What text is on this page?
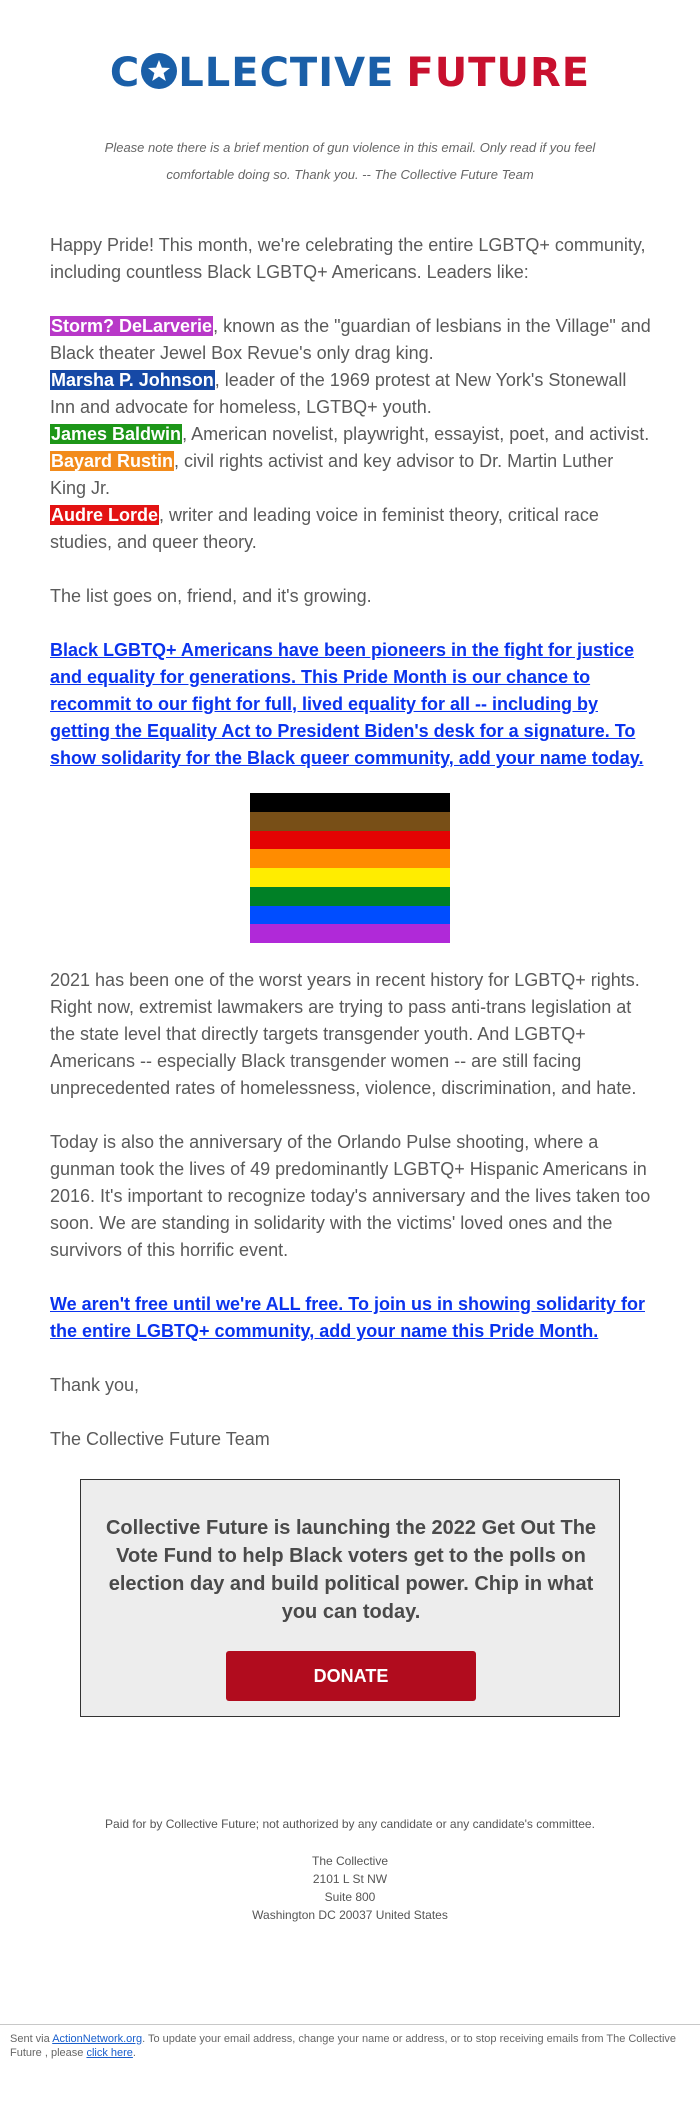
C LLECTIVE FUTURE
Please note there is a brief mention of gun violence in this email. Only read if you feel comfortable doing so. Thank you. -- The Collective Future Team
Happy Pride! This month, we're celebrating the entire LGBTQ+ community, including countless Black LGBTQ+ Americans. Leaders like:
Storm? DeLarverie, known as the "guardian of lesbians in the Village" and Black theater Jewel Box Revue's only drag king.
Marsha P. Johnson, leader of the 1969 protest at New York's Stonewall Inn and advocate for homeless, LGTBQ+ youth.
James Baldwin, American novelist, playwright, essayist, poet, and activist.
Bayard Rustin, civil rights activist and key advisor to Dr. Martin Luther King Jr.
Audre Lorde, writer and leading voice in feminist theory, critical race studies, and queer theory.
The list goes on, friend, and it's growing.
Black LGBTQ+ Americans have been pioneers in the fight for justice and equality for generations. This Pride Month is our chance to recommit to our fight for full, lived equality for all -- including by getting the Equality Act to President Biden's desk for a signature. To show solidarity for the Black queer community, add your name today.
2021 has been one of the worst years in recent history for LGBTQ+ rights. Right now, extremist lawmakers are trying to pass anti-trans legislation at the state level that directly targets transgender youth. And LGBTQ+ Americans -- especially Black transgender women -- are still facing unprecedented rates of homelessness, violence, discrimination, and hate.
Today is also the anniversary of the Orlando Pulse shooting, where a gunman took the lives of 49 predominantly LGBTQ+ Hispanic Americans in 2016. It's important to recognize today's anniversary and the lives taken too soon. We are standing in solidarity with the victims' loved ones and the survivors of this horrific event.
We aren't free until we're ALL free. To join us in showing solidarity for the entire LGBTQ+ community, add your name this Pride Month.
Thank you,
The Collective Future Team
Collective Future is launching the 2022 Get Out The Vote Fund to help Black voters get to the polls on election day and build political power. Chip in what you can today.
DONATE
Paid for by Collective Future; not authorized by any candidate or any candidate's committee.
The Collective
2101 L St NW
Suite 800
Washington DC 20037 United States
Sent via ActionNetwork.org. To update your email address, change your name or address, or to stop receiving emails from The Collective Future , please click here.
